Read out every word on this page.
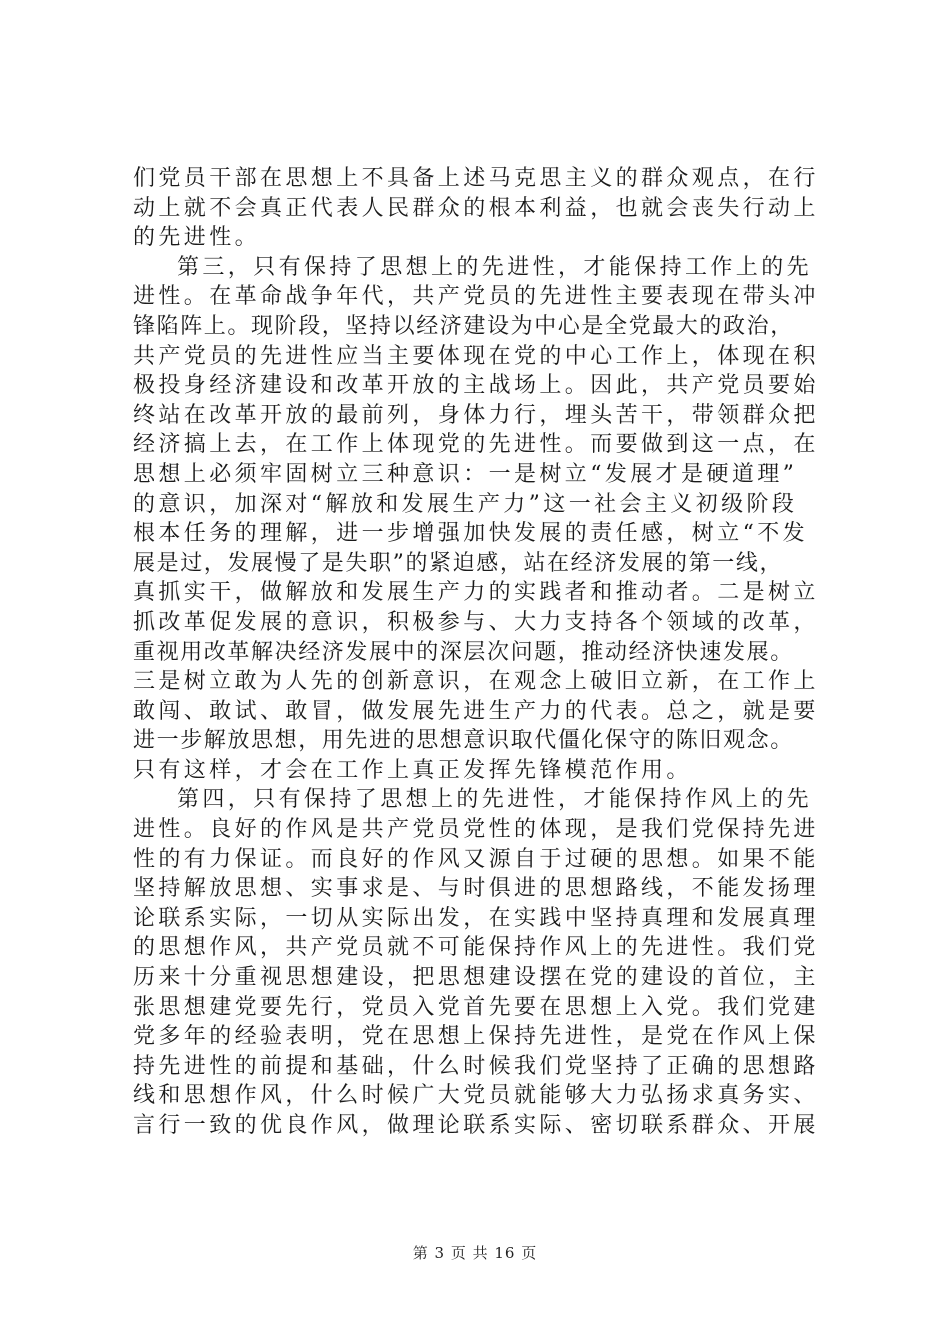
们党员干部在思想上不具备上述马克思主义的群众观点，在行
动上就不会真正代表人民群众的根本利益，也就会丧失行动上
的先进性。
第三，只有保持了思想上的先进性，才能保持工作上的先
进性。在革命战争年代，共产党员的先进性主要表现在带头冲
锋陷阵上。现阶段，坚持以经济建设为中心是全党最大的政治，
共产党员的先进性应当主要体现在党的中心工作上，体现在积
极投身经济建设和改革开放的主战场上。因此，共产党员要始
终站在改革开放的最前列，身体力行，埋头苦干，带领群众把
经济搞上去，在工作上体现党的先进性。而要做到这一点，在
思想上必须牢固树立三种意识：一是树立“发展才是硬道理”
的意识，加深对“解放和发展生产力”这一社会主义初级阶段
根本任务的理解，进一步增强加快发展的责任感，树立“不发
展是过，发展慢了是失职”的紧迫感，站在经济发展的第一线，
真抓实干，做解放和发展生产力的实践者和推动者。二是树立
抓改革促发展的意识，积极参与、大力支持各个领域的改革，
重视用改革解决经济发展中的深层次问题，推动经济快速发展。
三是树立敢为人先的创新意识，在观念上破旧立新，在工作上
敢闯、敢试、敢冒，做发展先进生产力的代表。总之，就是要
进一步解放思想，用先进的思想意识取代僵化保守的陈旧观念。
只有这样，才会在工作上真正发挥先锋模范作用。
第四，只有保持了思想上的先进性，才能保持作风上的先
进性。良好的作风是共产党员党性的体现，是我们党保持先进
性的有力保证。而良好的作风又源自于过硬的思想。如果不能
坚持解放思想、实事求是、与时俱进的思想路线，不能发扬理
论联系实际，一切从实际出发，在实践中坚持真理和发展真理
的思想作风，共产党员就不可能保持作风上的先进性。我们党
历来十分重视思想建设，把思想建设摆在党的建设的首位，主
张思想建党要先行，党员入党首先要在思想上入党。我们党建
党多年的经验表明，党在思想上保持先进性，是党在作风上保
持先进性的前提和基础，什么时候我们党坚持了正确的思想路
线和思想作风，什么时候广大党员就能够大力弘扬求真务实、
言行一致的优良作风，做理论联系实际、密切联系群众、开展
第 3 页 共 16 页
